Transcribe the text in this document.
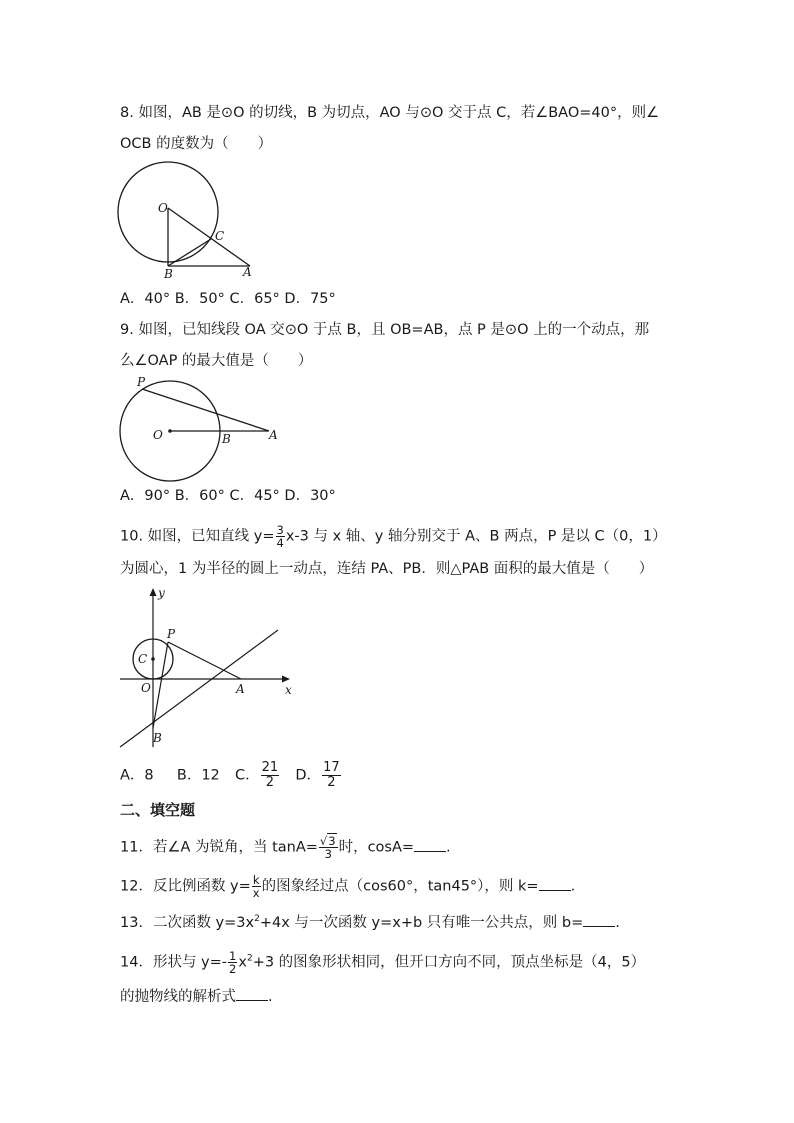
8. 如图，AB 是⊙O 的切线，B 为切点，AO 与⊙O 交于点 C，若∠BAO=40°，则∠
OCB 的度数为（　　）
O
C
B	A
A．40° B．50° C．65° D．75°
9. 如图，已知线段 OA 交⊙O 于点 B，且 OB=AB，点 P 是⊙O 上的一个动点，那
么∠OAP 的最大值是（　　）
P
O	B	A
A．90° B．60° C．45° D．30°
10. 如图，已知直线 $y= \frac{3}{4} x-3$ 与 x 轴、y 轴分别交于 A、B 两点，P 是以 C（0，1）
为圆心，1 为半径的圆上一动点，连结 PA、PB．则△PAB 面积的最大值是（　　）
y
x
P
C
O	A
B
A．8 B．12 C． $\frac{21}{2}$ D． $\frac{17}{2}$
二、填空题
11．若∠A 为锐角，当 $\tan A= \frac{√3}{3}$ 时，cosA= .
12．反比例函数 $y= \frac{k}{x}$ 的图象经过点（cos60°，tan45°），则 k= .
13．二次函数 $y=3x^2+4x$ 与一次函数 y=x+b 只有唯一公共点，则 b= .
14．形状与 $y=- \frac{1}{2} x^2+3$ 的图象形状相同，但开口方向不同，顶点坐标是（4，5）
的抛物线的解析式 .
